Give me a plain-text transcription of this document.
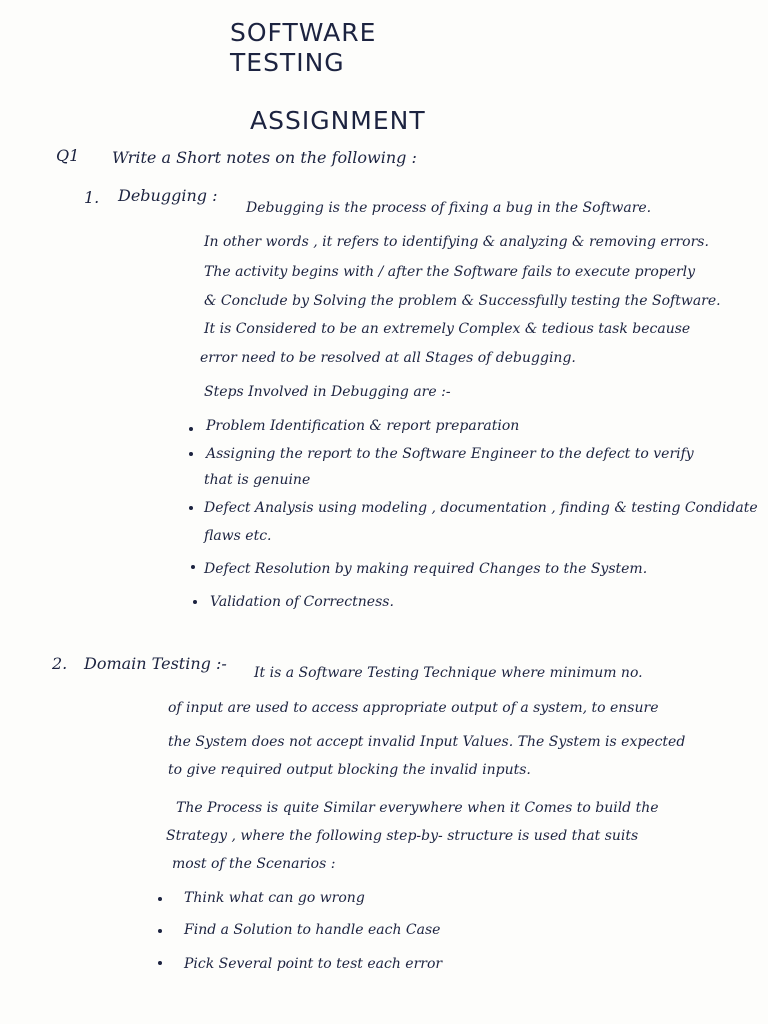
SOFTWARE TESTING
ASSIGNMENT
Q1 Write a Short notes on the following :
1. Debugging :
Debugging is the process of fixing a bug in the Software.
In other words , it refers to identifying & analyzing & removing errors.
The activity begins with / after the Software fails to execute properly
& Conclude by Solving the problem & Successfully testing the Software.
It is Considered to be an extremely Complex & tedious task because
error need to be resolved at all Stages of debugging.
Steps Involved in Debugging are :-
Problem Identification & report preparation
Assigning the report to the Software Engineer to the defect to verify
that is genuine
Defect Analysis using modeling , documentation , finding & testing Condidate
flaws etc.
Defect Resolution by making required Changes to the System.
Validation of Correctness.
2. Domain Testing :- It is a Software Testing Technique where minimum no.
of input are used to access appropriate output of a system, to ensure
the System does not accept invalid Input Values. The System is expected
to give required output blocking the invalid inputs.
The Process is quite Similar everywhere when it Comes to build the
Strategy , where the following step-by- structure is used that suits
most of the Scenarios :
Think what can go wrong
Find a Solution to handle each Case
Pick Several point to test each error
